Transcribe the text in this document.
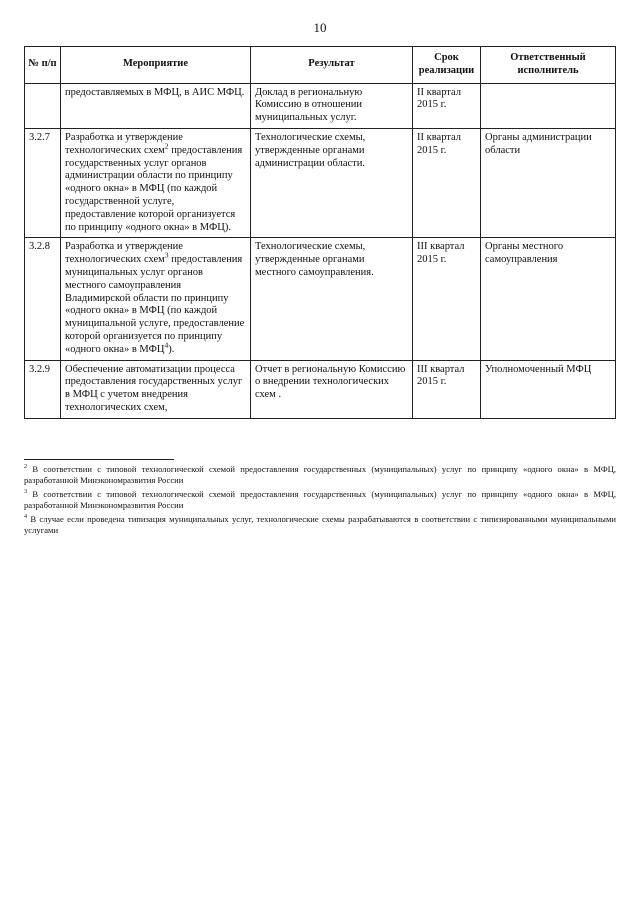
10
№ п/п	Мероприятие	Результат	Срок реализации	Ответственный исполнитель
	предоставляемых в МФЦ, в АИС МФЦ.	Доклад в региональную Комиссию в отношении муниципальных услуг.	II квартал 2015 г.	
3.2.7	Разработка и утверждение технологических схем$^2$ предоставления государственных услуг органов администрации области по принципу «одного окна» в МФЦ (по каждой государственной услуге, предоставление которой организуется по принципу «одного окна» в МФЦ).	Технологические схемы, утвержденные органами администрации области.	II квартал 2015 г.	Органы администрации области
3.2.8	Разработка и утверждение технологических схем$^3$ предоставления муниципальных услуг органов местного самоуправления Владимирской области по принципу «одного окна» в МФЦ (по каждой муниципальной услуге, предоставление которой организуется по принципу «одного окна» в МФЦ$^4$).	Технологические схемы, утвержденные органами местного самоуправления.	III квартал 2015 г.	Органы местного самоуправления
3.2.9	Обеспечение автоматизации процесса предоставления государственных услуг в МФЦ с учетом внедрения технологических схем,	Отчет в региональную Комиссию о внедрении технологических схем .	III квартал 2015 г.	Уполномоченный МФЦ

$^2$ В соответствии с типовой технологической схемой предоставления государственных (муниципальных) услуг по принципу «одного окна» в МФЦ, разработанной Минэкономразвития России

$^3$ В соответствии с типовой технологической схемой предоставления государственных (муниципальных) услуг по принципу «одного окна» в МФЦ, разработанной Минэкономразвития России

$^4$ В случае если проведена типизация муниципальных услуг, технологические схемы разрабатываются в соответствии с типизированными муниципальными услугами
